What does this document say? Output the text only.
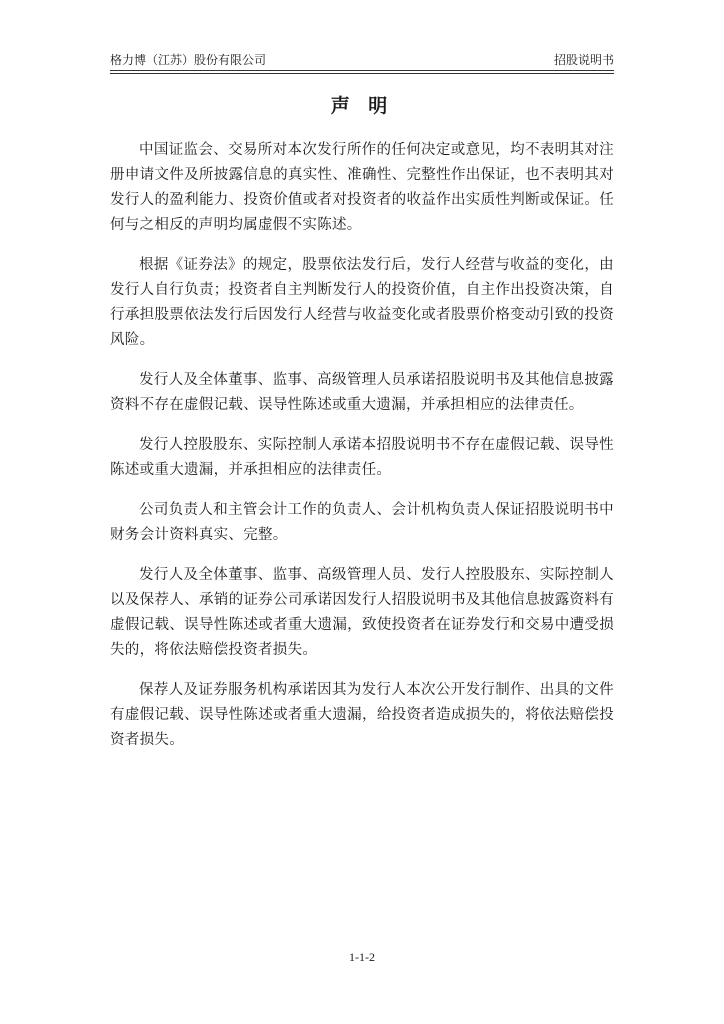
格力博（江苏）股份有限公司	招股说明书
声 明

中国证监会、交易所对本次发行所作的任何决定或意见，均不表明其对注册申请文件及所披露信息的真实性、准确性、完整性作出保证，也不表明其对发行人的盈利能力、投资价值或者对投资者的收益作出实质性判断或保证。任何与之相反的声明均属虚假不实陈述。

根据《证券法》的规定，股票依法发行后，发行人经营与收益的变化，由发行人自行负责；投资者自主判断发行人的投资价值，自主作出投资决策，自行承担股票依法发行后因发行人经营与收益变化或者股票价格变动引致的投资风险。

发行人及全体董事、监事、高级管理人员承诺招股说明书及其他信息披露资料不存在虚假记载、误导性陈述或重大遗漏，并承担相应的法律责任。

发行人控股股东、实际控制人承诺本招股说明书不存在虚假记载、误导性陈述或重大遗漏，并承担相应的法律责任。

公司负责人和主管会计工作的负责人、会计机构负责人保证招股说明书中财务会计资料真实、完整。

发行人及全体董事、监事、高级管理人员、发行人控股股东、实际控制人以及保荐人、承销的证券公司承诺因发行人招股说明书及其他信息披露资料有虚假记载、误导性陈述或者重大遗漏，致使投资者在证券发行和交易中遭受损失的，将依法赔偿投资者损失。

保荐人及证券服务机构承诺因其为发行人本次公开发行制作、出具的文件有虚假记载、误导性陈述或者重大遗漏，给投资者造成损失的，将依法赔偿投资者损失。

1-1-2
